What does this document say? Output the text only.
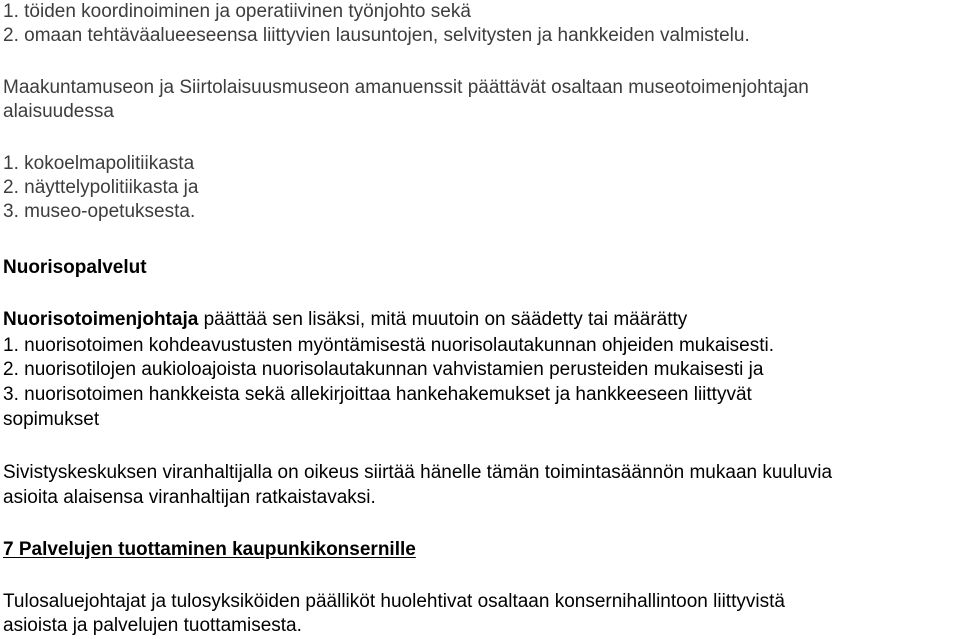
1. töiden koordinoiminen ja operatiivinen työnjohto sekä
2. omaan tehtäväalueeseensa liittyvien lausuntojen, selvitysten ja hankkeiden valmistelu.
Maakuntamuseon ja Siirtolaisuusmuseon amanuenssit päättävät osaltaan museotoimenjohtajan
alaisuudessa
1. kokoelmapolitiikasta
2. näyttelypolitiikasta ja
3. museo-opetuksesta.
Nuorisopalvelut
Nuorisotoimenjohtaja päättää sen lisäksi, mitä muutoin on säädetty tai määrätty
1. nuorisotoimen kohdeavustusten myöntämisestä nuorisolautakunnan ohjeiden mukaisesti.
2. nuorisotilojen aukioloajoista nuorisolautakunnan vahvistamien perusteiden mukaisesti ja
3. nuorisotoimen hankkeista sekä allekirjoittaa hankehakemukset ja hankkeeseen liittyvät
sopimukset
Sivistyskeskuksen viranhaltijalla on oikeus siirtää hänelle tämän toimintasäännön mukaan kuuluvia
asioita alaisensa viranhaltijan ratkaistavaksi.
7 Palvelujen tuottaminen kaupunkikonsernille
Tulosaluejohtajat ja tulosyksiköiden päälliköt huolehtivat osaltaan konsernihallintoon liittyvistä
asioista ja palvelujen tuottamisesta.
